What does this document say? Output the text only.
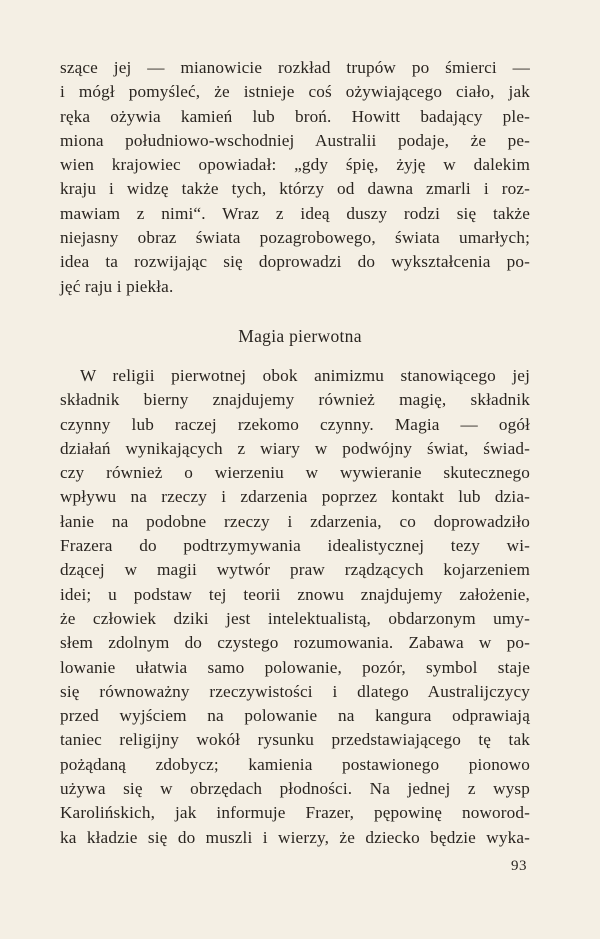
szące jej — mianowicie rozkład trupów po śmierci —
i mógł pomyśleć, że istnieje coś ożywiającego ciało, jak
ręka ożywia kamień lub broń. Howitt badający ple-
miona południowo-wschodniej Australii podaje, że pe-
wien krajowiec opowiadał: „gdy śpię, żyję w dalekim
kraju i widzę także tych, którzy od dawna zmarli i roz-
mawiam z nimi“. Wraz z ideą duszy rodzi się także
niejasny obraz świata pozagrobowego, świata umarłych;
idea ta rozwijając się doprowadzi do wykształcenia po-
jęć raju i piekła.
Magia pierwotna
W religii pierwotnej obok animizmu stanowiącego jej
składnik bierny znajdujemy również magię, składnik
czynny lub raczej rzekomo czynny. Magia — ogół
działań wynikających z wiary w podwójny świat, świad-
czy również o wierzeniu w wywieranie skutecznego
wpływu na rzeczy i zdarzenia poprzez kontakt lub dzia-
łanie na podobne rzeczy i zdarzenia, co doprowadziło
Frazera do podtrzymywania idealistycznej tezy wi-
dzącej w magii wytwór praw rządzących kojarzeniem
idei; u podstaw tej teorii znowu znajdujemy założenie,
że człowiek dziki jest intelektualistą, obdarzonym umy-
słem zdolnym do czystego rozumowania. Zabawa w po-
lowanie ułatwia samo polowanie, pozór, symbol staje
się równoważny rzeczywistości i dlatego Australijczycy
przed wyjściem na polowanie na kangura odprawiają
taniec religijny wokół rysunku przedstawiającego tę tak
pożądaną zdobycz; kamienia postawionego pionowo
używa się w obrzędach płodności. Na jednej z wysp
Karolińskich, jak informuje Frazer, pępowinę noworod-
ka kładzie się do muszli i wierzy, że dziecko będzie wyka-
93
